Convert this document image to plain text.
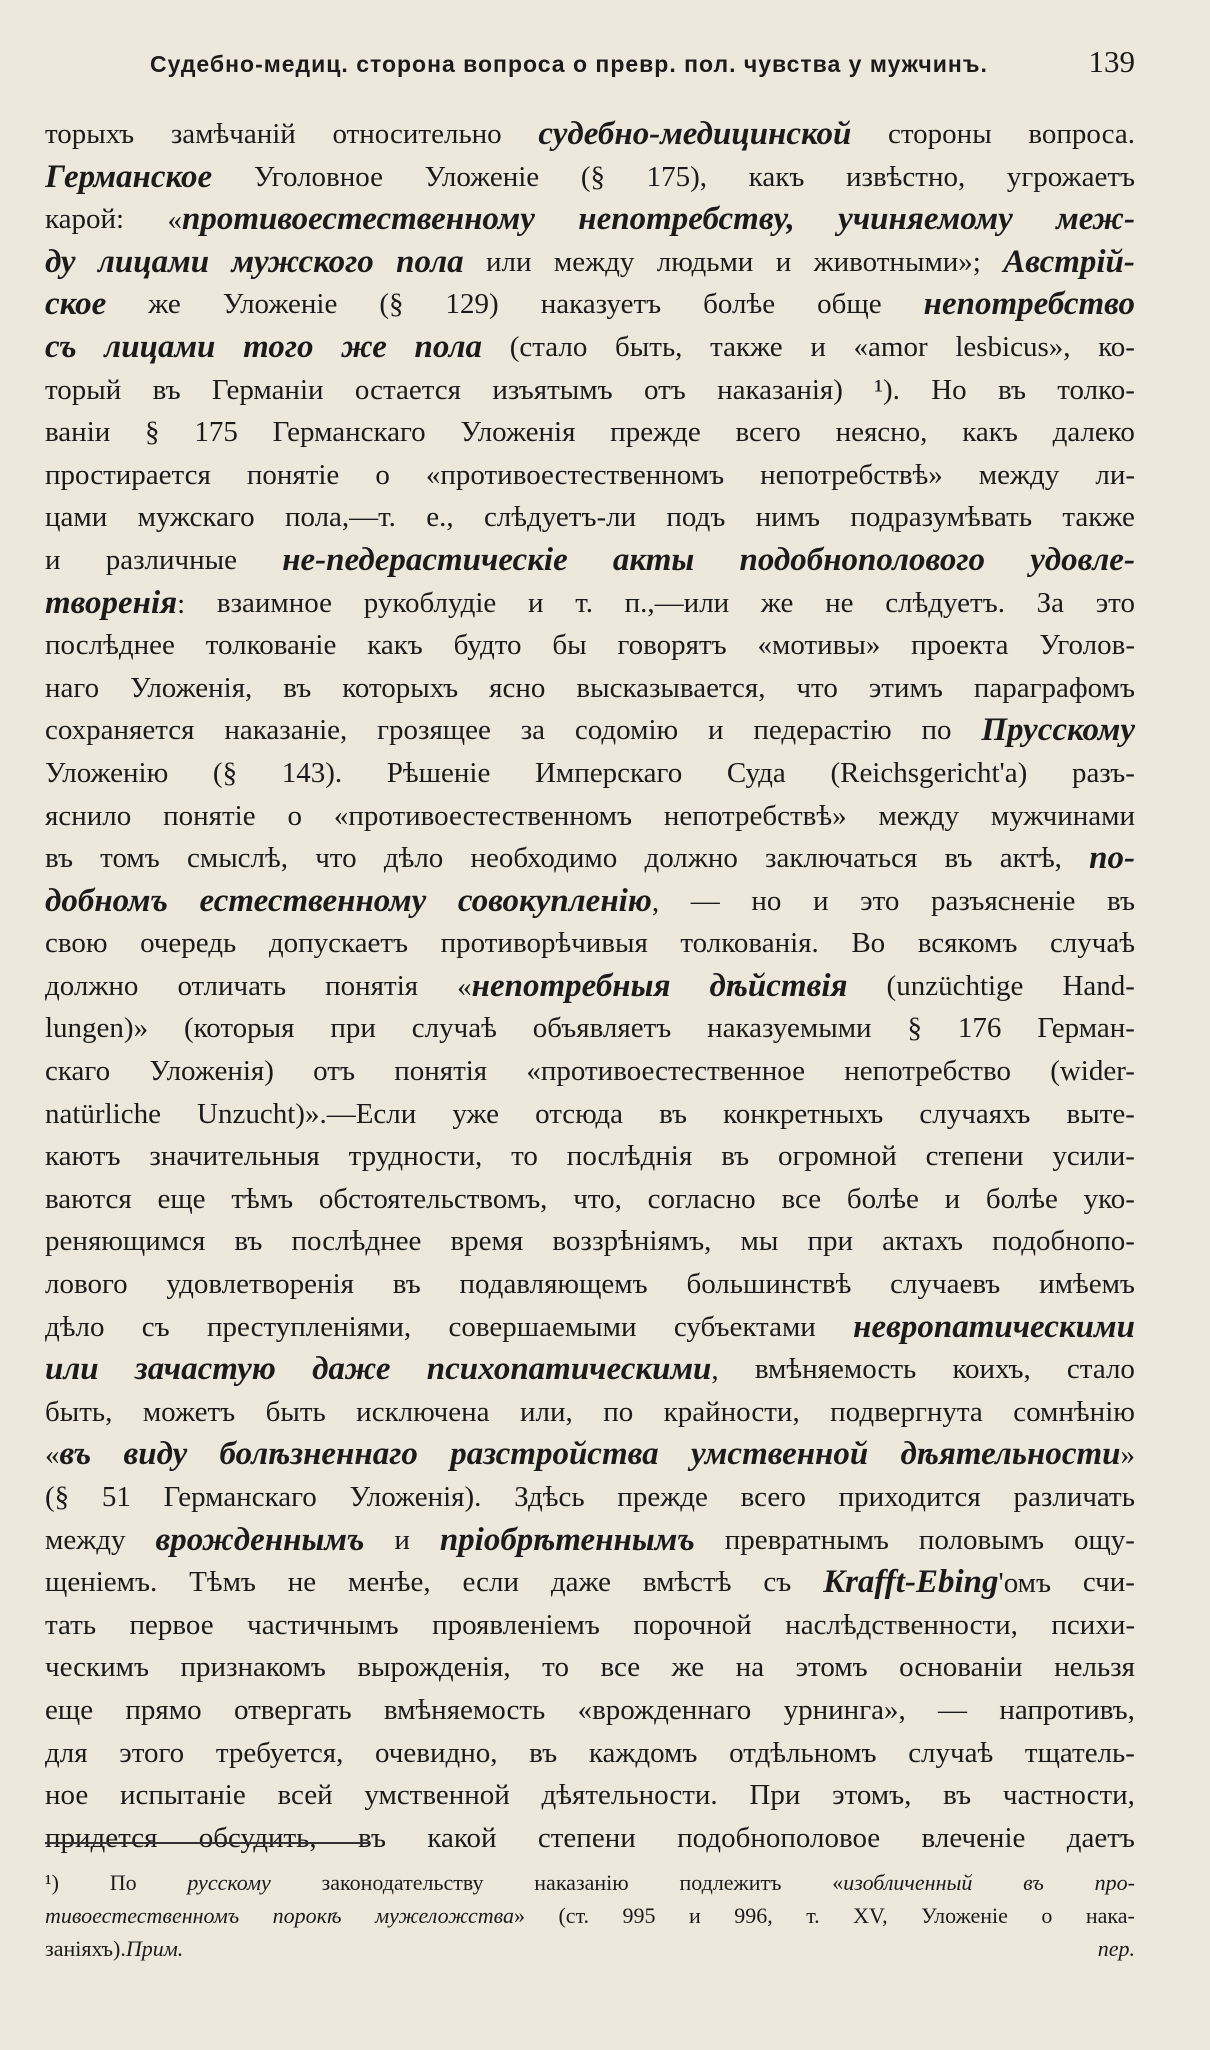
Судебно-медиц. сторона вопроса о превр. пол. чувства у мужчинъ.	139
торыхъ замѣчаній относительно судебно-медицинской стороны вопроса.
Германское Уголовное Уложеніе (§ 175), какъ извѣстно, угрожаетъ
карой: «противоестественному непотребству, учиняемому меж-
ду лицами мужского пола или между людьми и животными»; Австрій-
ское же Уложеніе (§ 129) наказуетъ болѣе обще непотребство
съ лицами того же пола (стало быть, также и «amor lesbicus», ко-
торый въ Германіи остается изъятымъ отъ наказанія) ¹). Но въ толко-
ваніи § 175 Германскаго Уложенія прежде всего неясно, какъ далеко
простирается понятіе о «противоестественномъ непотребствѣ» между ли-
цами мужскаго пола,—т. е., слѣдуетъ-ли подъ нимъ подразумѣвать также
и различные не-педерастическіе акты подобнополового удовле-
творенія: взаимное рукоблудіе и т. п.,—или же не слѣдуетъ. За это
послѣднее толкованіе какъ будто бы говорятъ «мотивы» проекта Уголов-
наго Уложенія, въ которыхъ ясно высказывается, что этимъ параграфомъ
сохраняется наказаніе, грозящее за содомію и педерастію по Прусскому
Уложенію (§ 143). Рѣшеніе Имперскаго Суда (Reichsgericht'а) разъ-
яснило понятіе о «противоестественномъ непотребствѣ» между мужчинами
въ томъ смыслѣ, что дѣло необходимо должно заключаться въ актѣ, по-
добномъ естественному совокупленію, — но и это разъясненіе въ
свою очередь допускаетъ противорѣчивыя толкованія. Во всякомъ случаѣ
должно отличать понятія «непотребныя дѣйствія (unzüchtige Hand-
lungen)» (которыя при случаѣ объявляетъ наказуемыми § 176 Герман-
скаго Уложенія) отъ понятія «противоестественное непотребство (wider-
natürliche Unzucht)».—Если уже отсюда въ конкретныхъ случаяхъ выте-
каютъ значительныя трудности, то послѣднія въ огромной степени усили-
ваются еще тѣмъ обстоятельствомъ, что, согласно все болѣе и болѣе уко-
реняющимся въ послѣднее время воззрѣніямъ, мы при актахъ подобнопо-
лового удовлетворенія въ подавляющемъ большинствѣ случаевъ имѣемъ
дѣло съ преступленіями, совершаемыми субъектами невропатическими
или зачастую даже психопатическими, вмѣняемость коихъ, стало
быть, можетъ быть исключена или, по крайности, подвергнута сомнѣнію
«въ виду болѣзненнаго разстройства умственной дѣятельности»
(§ 51 Германскаго Уложенія). Здѣсь прежде всего приходится различать
между врожденнымъ и пріобрѣтеннымъ превратнымъ половымъ ощу-
щеніемъ. Тѣмъ не менѣе, если даже вмѣстѣ съ Krafft-Ebing'омъ счи-
тать первое частичнымъ проявленіемъ порочной наслѣдственности, психи-
ческимъ признакомъ вырожденія, то все же на этомъ основаніи нельзя
еще прямо отвергать вмѣняемость «врожденнаго урнинга», — напротивъ,
для этого требуется, очевидно, въ каждомъ отдѣльномъ случаѣ тщатель-
ное испытаніе всей умственной дѣятельности. При этомъ, въ частности,
придется обсудить, въ какой степени подобнополовое влеченіе даетъ
¹) По русскому законодательству наказанію подлежитъ «изобличенный въ про-
тивоестественномъ порокѣ мужеложства» (ст. 995 и 996, т. XV, Уложеніе о нака-
заніяхъ).Прим.	пер.
